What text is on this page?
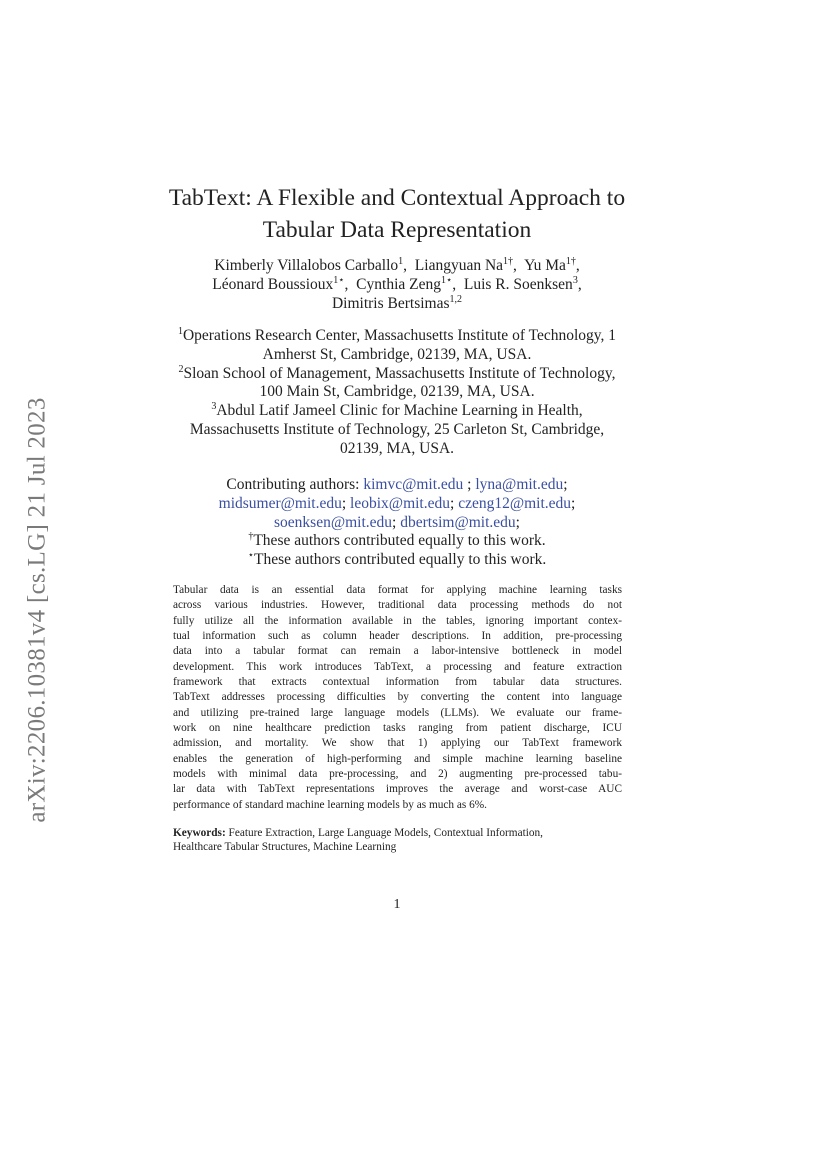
arXiv:2206.10381v4 [cs.LG] 21 Jul 2023
TabText: A Flexible and Contextual Approach to
Tabular Data Representation
Kimberly Villalobos Carballo$^1$,  Liangyuan $Na^{1\dagger}$,  Yu $Ma^{1\dagger}$,
Léonard Boussioux$^{1⋆}$,  Cynthia Zeng$^{1⋆}$,  Luis R. Soenksen$^3$,
Dimitris Bertsimas$^{1,2}$
$^1$Operations Research Center, Massachusetts Institute of Technology, 1
Amherst St, Cambridge, 02139, MA, USA.
$^2$Sloan School of Management, Massachusetts Institute of Technology,
100 Main St, Cambridge, 02139, MA, USA.
$^3$Abdul Latif Jameel Clinic for Machine Learning in Health,
Massachusetts Institute of Technology, 25 Carleton St, Cambridge,
02139, MA, USA.
Contributing authors: kimvc@mit.edu ; lyna@mit.edu;
midsumer@mit.edu; leobix@mit.edu; czeng12@mit.edu;
soenksen@mit.edu; dbertsim@mit.edu;
†These authors contributed equally to this work.
⋆These authors contributed equally to this work.
Tabular data is an essential data format for applying machine learning tasks
across various industries. However, traditional data processing methods do not
fully utilize all the information available in the tables, ignoring important contex-
tual information such as column header descriptions. In addition, pre-processing
data into a tabular format can remain a labor-intensive bottleneck in model
development. This work introduces TabText, a processing and feature extraction
framework that extracts contextual information from tabular data structures.
TabText addresses processing difficulties by converting the content into language
and utilizing pre-trained large language models (LLMs). We evaluate our frame-
work on nine healthcare prediction tasks ranging from patient discharge, ICU
admission, and mortality. We show that 1) applying our TabText framework
enables the generation of high-performing and simple machine learning baseline
models with minimal data pre-processing, and 2) augmenting pre-processed tabu-
lar data with TabText representations improves the average and worst-case AUC
performance of standard machine learning models by as much as 6%.
Keywords: Feature Extraction, Large Language Models, Contextual Information,
Healthcare Tabular Structures, Machine Learning
1
